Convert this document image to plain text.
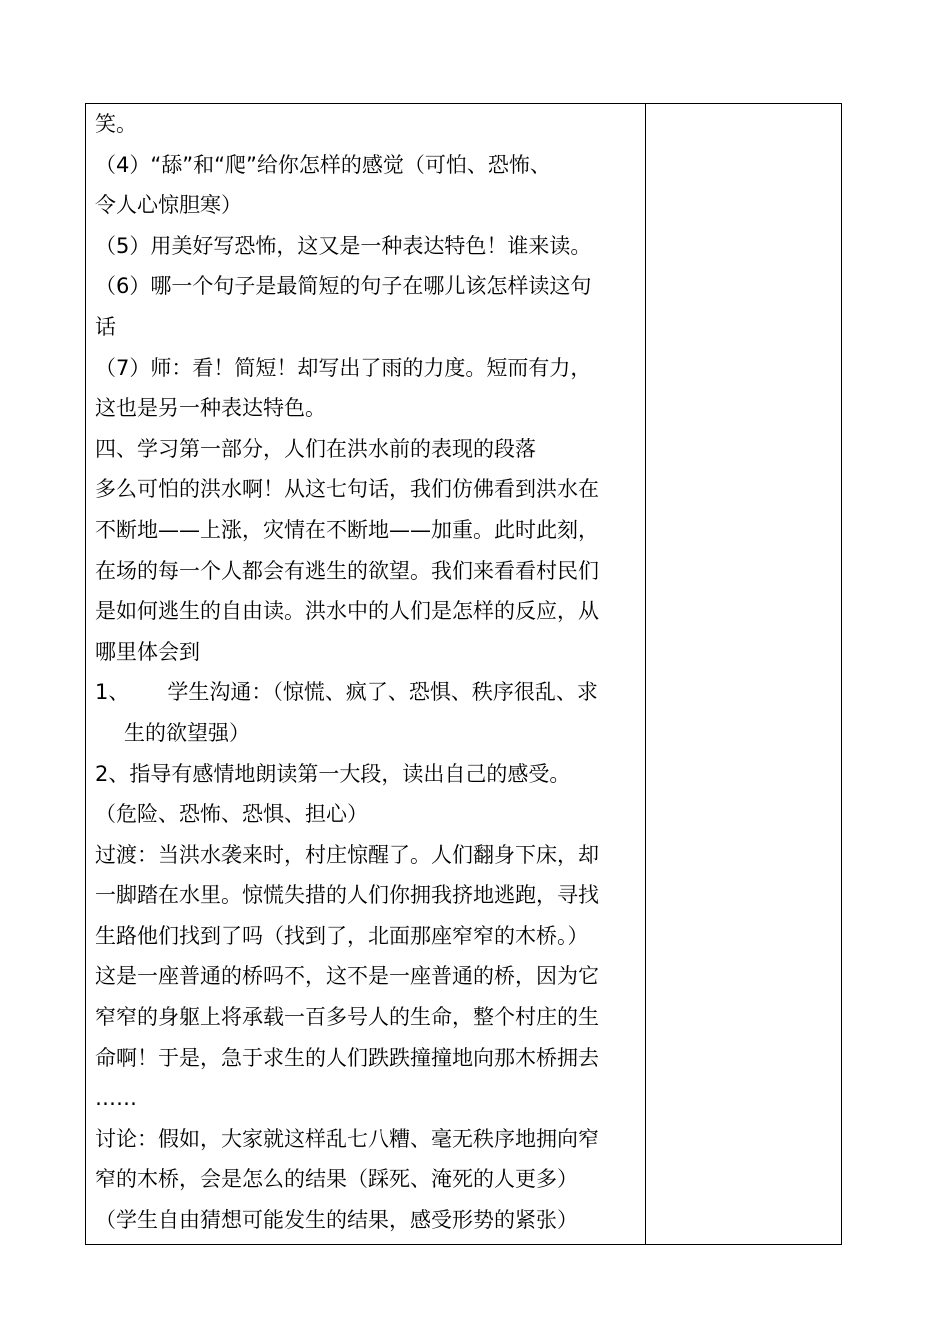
笑。
（4）“舔”和“爬”给你怎样的感觉（可怕、恐怖、
令人心惊胆寒）
（5）用美好写恐怖，这又是一种表达特色！谁来读。
（6）哪一个句子是最简短的句子在哪儿该怎样读这句
话
（7）师：看！简短！却写出了雨的力度。短而有力，
这也是另一种表达特色。
四、学习第一部分，人们在洪水前的表现的段落
多么可怕的洪水啊！从这七句话，我们仿佛看到洪水在
不断地——上涨，灾情在不断地——加重。此时此刻，
在场的每一个人都会有逃生的欲望。我们来看看村民们
是如何逃生的自由读。洪水中的人们是怎样的反应，从
哪里体会到
1、 学生沟通：（惊慌、疯了、恐惧、秩序很乱、求
生的欲望强）
2、指导有感情地朗读第一大段，读出自己的感受。
（危险、恐怖、恐惧、担心）
过渡：当洪水袭来时，村庄惊醒了。人们翻身下床，却
一脚踏在水里。惊慌失措的人们你拥我挤地逃跑，寻找
生路他们找到了吗（找到了，北面那座窄窄的木桥。）
这是一座普通的桥吗不，这不是一座普通的桥，因为它
窄窄的身躯上将承载一百多号人的生命，整个村庄的生
命啊！于是，急于求生的人们跌跌撞撞地向那木桥拥去
……
讨论：假如，大家就这样乱七八糟、毫无秩序地拥向窄
窄的木桥，会是怎么的结果（踩死、淹死的人更多）
（学生自由猜想可能发生的结果，感受形势的紧张）
